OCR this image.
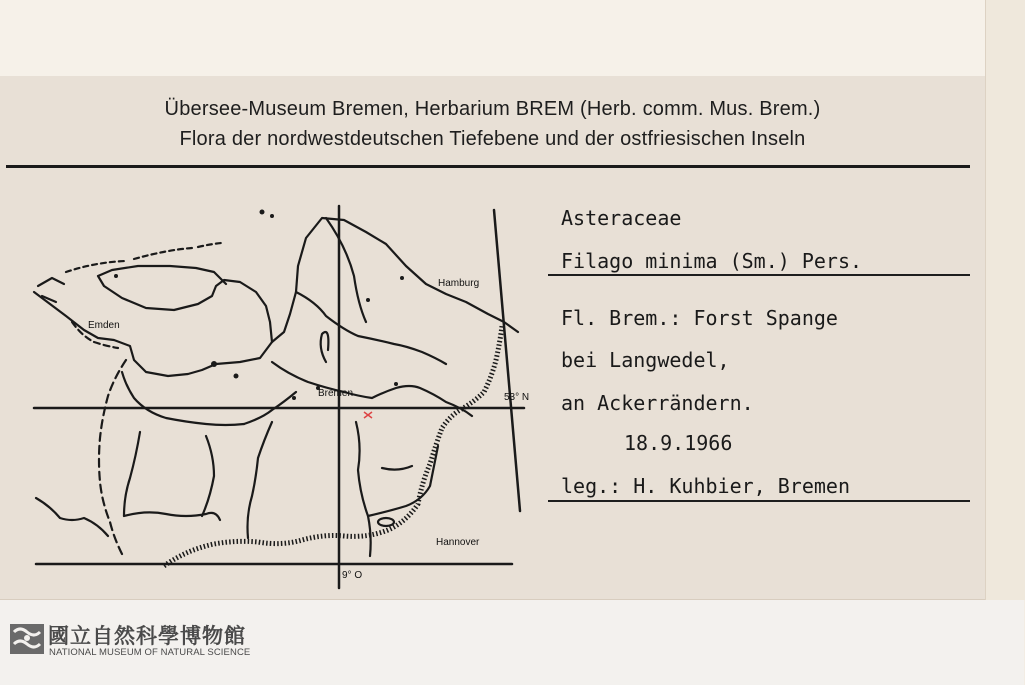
Übersee-Museum Bremen, Herbarium BREM (Herb. comm. Mus. Brem.)
Flora der nordwestdeutschen Tiefebene und der ostfriesischen Inseln
Hamburg
Emden
Bremen
Hannover
53° N
9° O
Asteraceae
Filago minima (Sm.) Pers.
Fl. Brem.: Forst Spange
bei Langwedel,
an Ackerrändern.
18.9.1966
leg.: H. Kuhbier, Bremen
國立自然科學博物館
NATIONAL MUSEUM OF NATURAL SCIENCE
